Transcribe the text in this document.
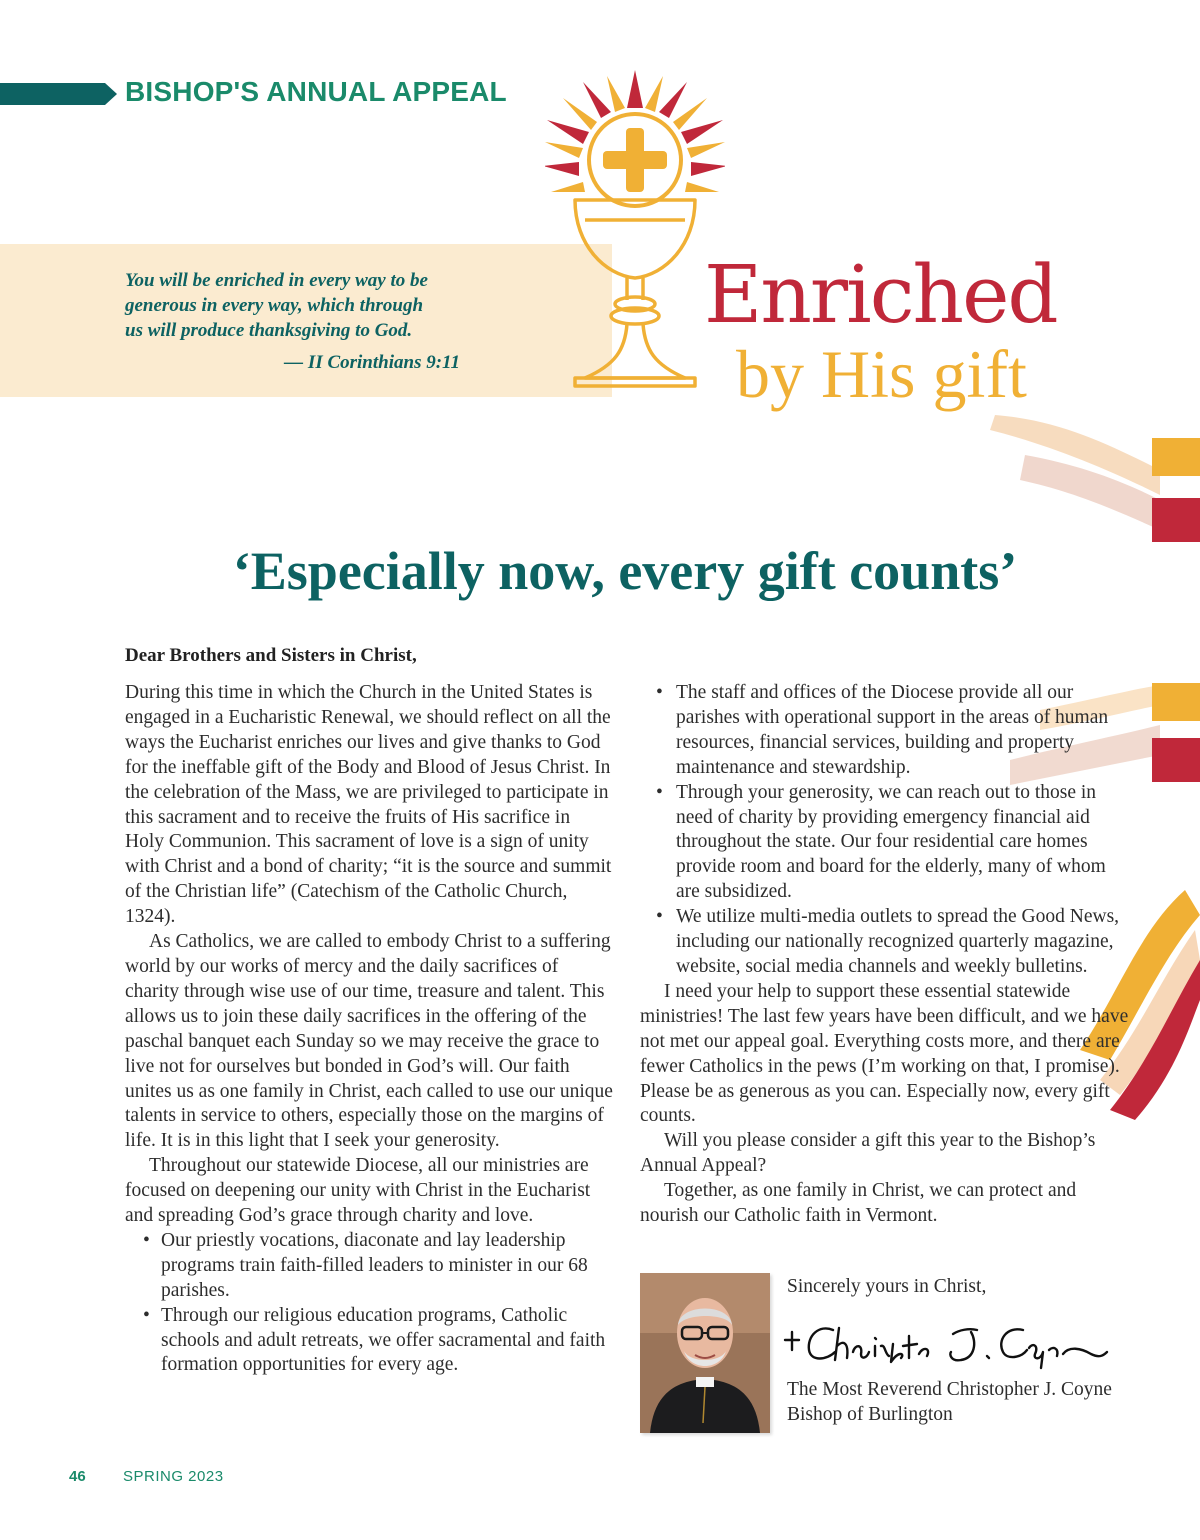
BISHOP'S ANNUAL APPEAL
You will be enriched in every way to be
generous in every way, which through
us will produce thanksgiving to God.
— II Corinthians 9:11
Enriched
by His gift
‘Especially now, every gift counts’
Dear Brothers and Sisters in Christ,

During this time in which the Church in the United States is engaged in a Eucharistic Renewal, we should reflect on all the ways the Eucharist enriches our lives and give thanks to God for the ineffable gift of the Body and Blood of Jesus Christ. In the celebration of the Mass, we are privileged to participate in this sacrament and to receive the fruits of His sacrifice in Holy Communion. This sacrament of love is a sign of unity with Christ and a bond of charity; “it is the source and summit of the Christian life” (Catechism of the Catholic Church, 1324).

As Catholics, we are called to embody Christ to a suffering world by our works of mercy and the daily sacrifices of charity through wise use of our time, treasure and talent. This allows us to join these daily sacrifices in the offering of the paschal banquet each Sunday so we may receive the grace to live not for ourselves but bonded in God’s will. Our faith unites us as one family in Christ, each called to use our unique talents in service to others, especially those on the margins of life. It is in this light that I seek your generosity.

Throughout our statewide Diocese, all our ministries are focused on deepening our unity with Christ in the Eucharist and spreading God’s grace through charity and love.

• Our priestly vocations, diaconate and lay leadership programs train faith-filled leaders to minister in our 68 parishes.
• Through our religious education programs, Catholic schools and adult retreats, we offer sacramental and faith formation opportunities for every age.
• The staff and offices of the Diocese provide all our parishes with operational support in the areas of human resources, financial services, building and property maintenance and stewardship.
• Through your generosity, we can reach out to those in need of charity by providing emergency financial aid throughout the state. Our four residential care homes provide room and board for the elderly, many of whom are subsidized.
• We utilize multi-media outlets to spread the Good News, including our nationally recognized quarterly magazine, website, social media channels and weekly bulletins.

I need your help to support these essential statewide ministries! The last few years have been difficult, and we have not met our appeal goal. Everything costs more, and there are fewer Catholics in the pews (I’m working on that, I promise). Please be as generous as you can. Especially now, every gift counts.

Will you please consider a gift this year to the Bishop’s Annual Appeal?

Together, as one family in Christ, we can protect and nourish our Catholic faith in Vermont.

Sincerely yours in Christ,
The Most Reverend Christopher J. Coyne
Bishop of Burlington
46 SPRING 2023
